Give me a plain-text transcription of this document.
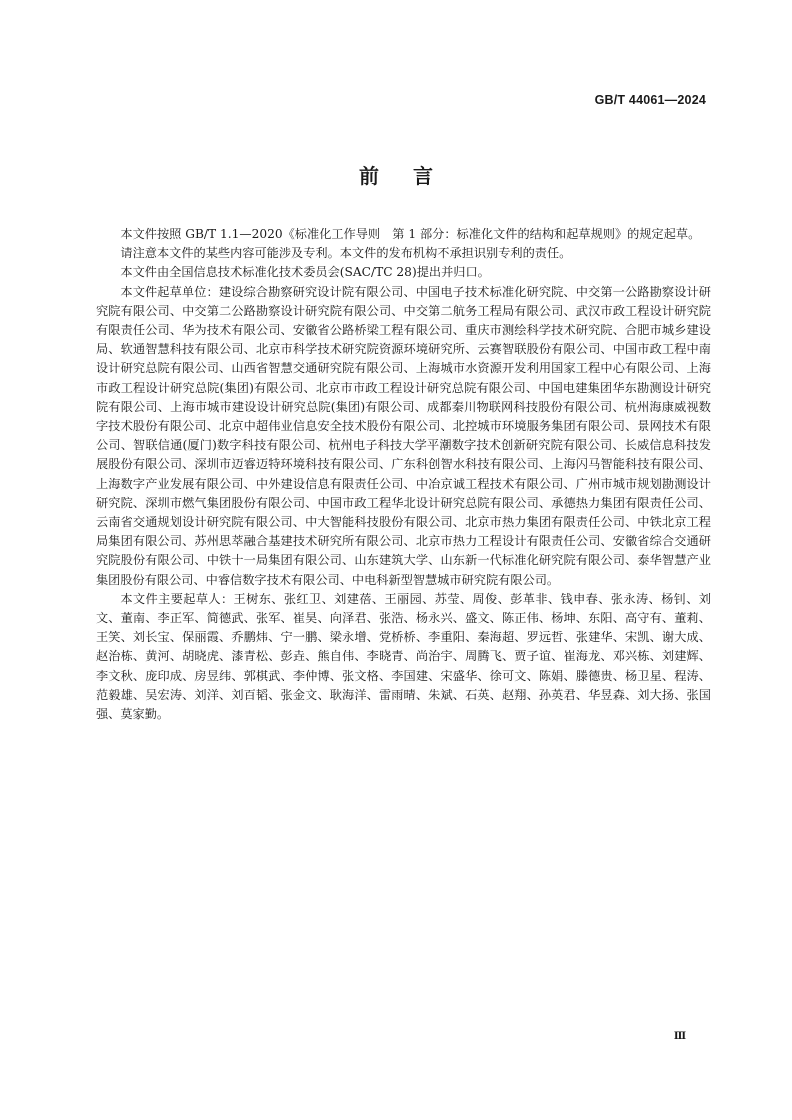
GB/T 44061—2024
前言

本文件按照 GB/T 1.1—2020《标准化工作导则　第 1 部分：标准化文件的结构和起草规则》的规定起草。

请注意本文件的某些内容可能涉及专利。本文件的发布机构不承担识别专利的责任。

本文件由全国信息技术标准化技术委员会(SAC/TC 28)提出并归口。

本文件起草单位：建设综合勘察研究设计院有限公司、中国电子技术标准化研究院、中交第一公路勘察设计研究院有限公司、中交第二公路勘察设计研究院有限公司、中交第二航务工程局有限公司、武汉市政工程设计研究院有限责任公司、华为技术有限公司、安徽省公路桥梁工程有限公司、重庆市测绘科学技术研究院、合肥市城乡建设局、软通智慧科技有限公司、北京市科学技术研究院资源环境研究所、云赛智联股份有限公司、中国市政工程中南设计研究总院有限公司、山西省智慧交通研究院有限公司、上海城市水资源开发利用国家工程中心有限公司、上海市政工程设计研究总院(集团)有限公司、北京市市政工程设计研究总院有限公司、中国电建集团华东勘测设计研究院有限公司、上海市城市建设设计研究总院(集团)有限公司、成都秦川物联网科技股份有限公司、杭州海康威视数字技术股份有限公司、北京中超伟业信息安全技术股份有限公司、北控城市环境服务集团有限公司、景网技术有限公司、智联信通(厦门)数字科技有限公司、杭州电子科技大学平潮数字技术创新研究院有限公司、长威信息科技发展股份有限公司、深圳市迈睿迈特环境科技有限公司、广东科创智水科技有限公司、上海闪马智能科技有限公司、上海数字产业发展有限公司、中外建设信息有限责任公司、中冶京诚工程技术有限公司、广州市城市规划勘测设计研究院、深圳市燃气集团股份有限公司、中国市政工程华北设计研究总院有限公司、承德热力集团有限责任公司、云南省交通规划设计研究院有限公司、中大智能科技股份有限公司、北京市热力集团有限责任公司、中铁北京工程局集团有限公司、苏州思萃融合基建技术研究所有限公司、北京市热力工程设计有限责任公司、安徽省综合交通研究院股份有限公司、中铁十一局集团有限公司、山东建筑大学、山东新一代标准化研究院有限公司、泰华智慧产业集团股份有限公司、中睿信数字技术有限公司、中电科新型智慧城市研究院有限公司。

本文件主要起草人：王树东、张红卫、刘建蓓、王丽园、苏莹、周俊、彭革非、钱申春、张永涛、杨钊、刘文、董南、李正军、简德武、张军、崔昊、向泽君、张浩、杨永兴、盛文、陈正伟、杨坤、东阳、高守有、董莉、王笑、刘长宝、保丽霞、乔鹏炜、宁一鹏、梁永增、党桥桥、李重阳、秦海超、罗远哲、张建华、宋凯、谢大成、赵治栋、黄河、胡晓虎、漆青松、彭垚、熊自伟、李晓青、尚治宇、周腾飞、贾子谊、崔海龙、邓兴栋、刘建辉、李文秋、庞印成、房昱纬、郭棋武、李仲博、张文格、李国建、宋盛华、徐可文、陈娟、滕德贵、杨卫星、程涛、范毅雄、吴宏涛、刘洋、刘百韬、张金文、耿海洋、雷雨晴、朱斌、石英、赵翔、孙英君、华昱森、刘大扬、张国强、莫家勤。

Ⅲ
